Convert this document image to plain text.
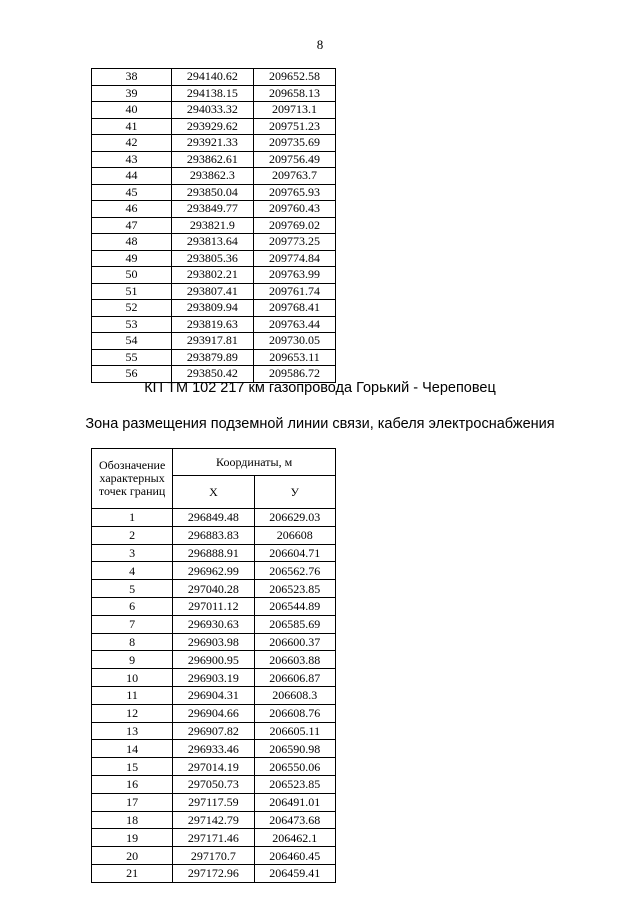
8
38	294140.62	209652.58
39	294138.15	209658.13
40	294033.32	209713.1
41	293929.62	209751.23
42	293921.33	209735.69
43	293862.61	209756.49
44	293862.3	209763.7
45	293850.04	209765.93
46	293849.77	209760.43
47	293821.9	209769.02
48	293813.64	209773.25
49	293805.36	209774.84
50	293802.21	209763.99
51	293807.41	209761.74
52	293809.94	209768.41
53	293819.63	209763.44
54	293917.81	209730.05
55	293879.89	209653.11
56	293850.42	209586.72
КП ТМ 102 217 км газопровода Горький - Череповец
Зона размещения подземной линии связи, кабеля электроснабжения
Обозначение характерных точек границ	Координаты, м	
	Х	У
1	296849.48	206629.03
2	296883.83	206608
3	296888.91	206604.71
4	296962.99	206562.76
5	297040.28	206523.85
6	297011.12	206544.89
7	296930.63	206585.69
8	296903.98	206600.37
9	296900.95	206603.88
10	296903.19	206606.87
11	296904.31	206608.3
12	296904.66	206608.76
13	296907.82	206605.11
14	296933.46	206590.98
15	297014.19	206550.06
16	297050.73	206523.85
17	297117.59	206491.01
18	297142.79	206473.68
19	297171.46	206462.1
20	297170.7	206460.45
21	297172.96	206459.41
